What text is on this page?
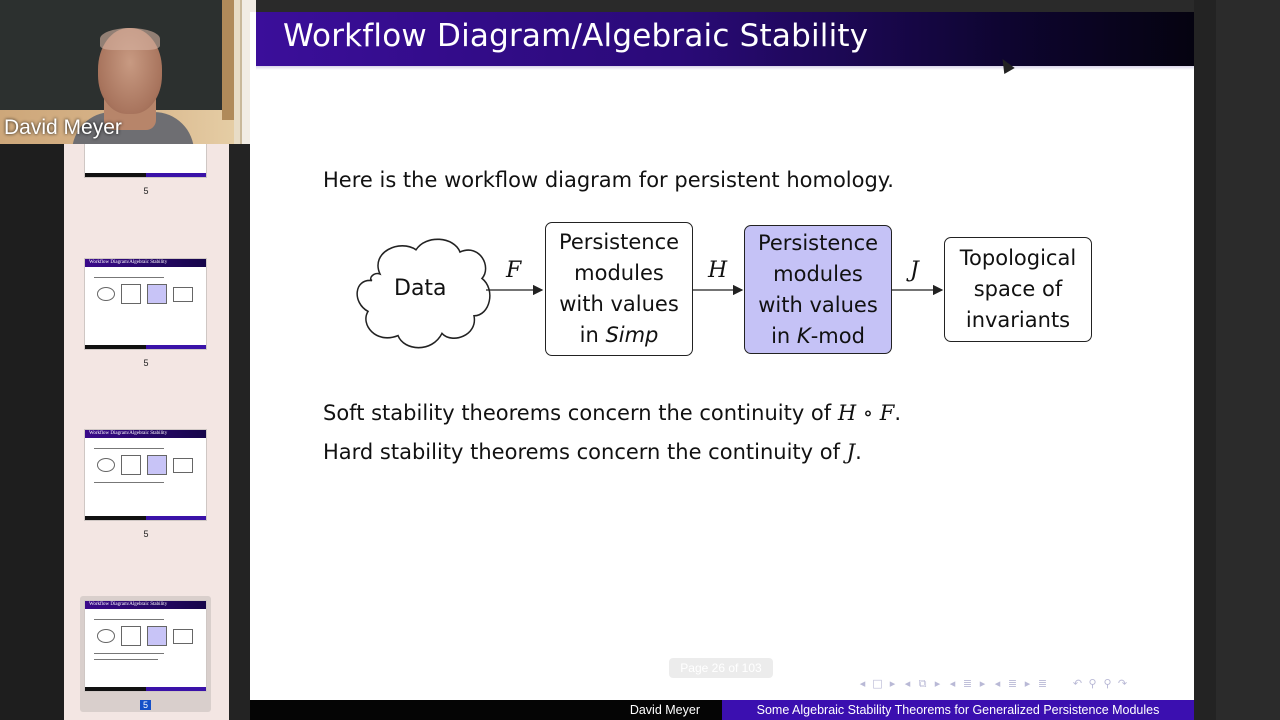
5
Workflow Diagram/Algebraic Stability
5
Workflow Diagram/Algebraic Stability
5
Workflow Diagram/Algebraic Stability
5
David Meyer
Workflow Diagram/Algebraic Stability
Here is the workflow diagram for persistent homology.
Data
F
Persistence
modules
with values
in Simp
H
Persistence
modules
with values
in K-mod
J Topological
space of
invariants
Soft stability theorems concern the continuity of H ∘ F.
Hard stability theorems concern the continuity of J.
Page 26 of 103
◂ □ ▸ ◂ ⧉ ▸ ◂ ≣ ▸ ◂ ≣ ▸ ≣ ↶ ⚲ ⚲ ↷
David Meyer	Some Algebraic Stability Theorems for Generalized Persistence Modules
